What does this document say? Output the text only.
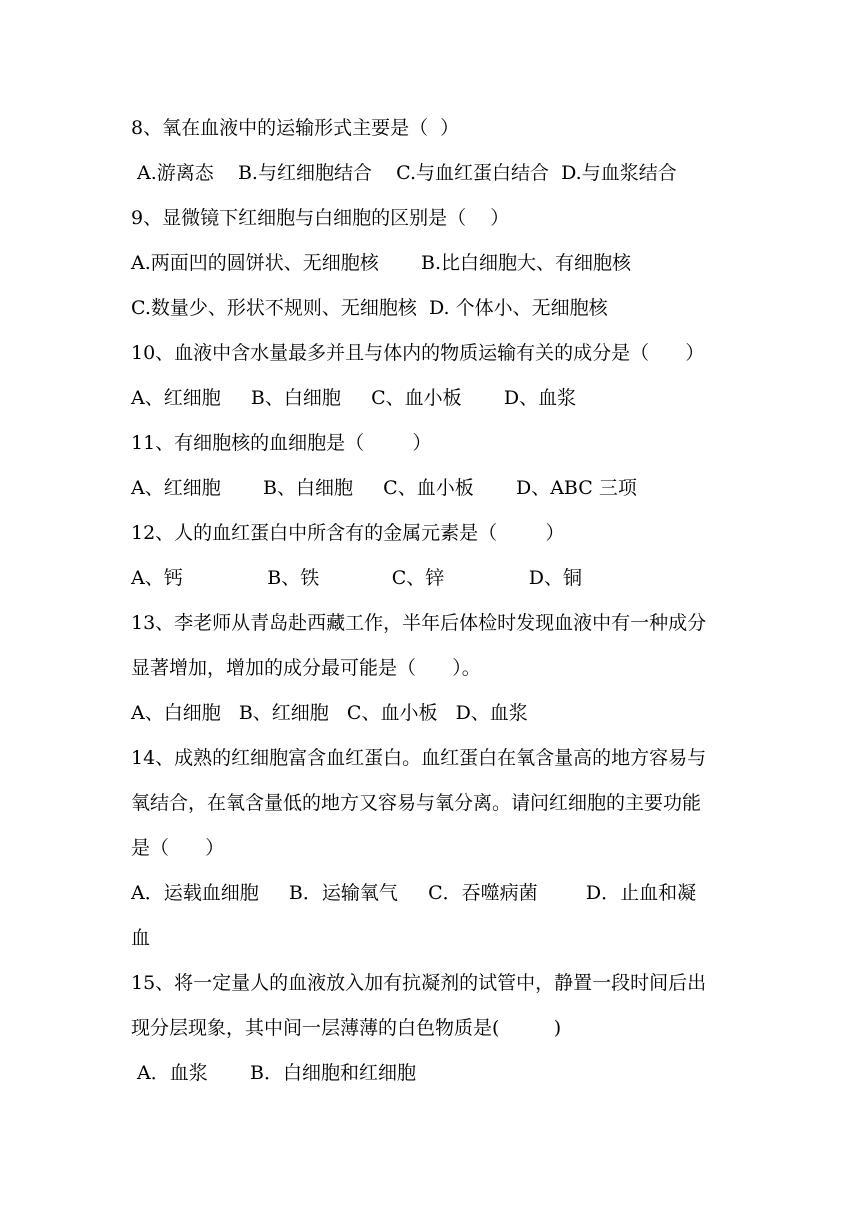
8、氧在血液中的运输形式主要是（  ）
A.游离态    B.与红细胞结合    C.与血红蛋白结合  D.与血浆结合
9、显微镜下红细胞与白细胞的区别是（    ）
A.两面凹的圆饼状、无细胞核       B.比白细胞大、有细胞核
C.数量少、形状不规则、无细胞核  D. 个体小、无细胞核
10、血液中含水量最多并且与体内的物质运输有关的成分是（      ）
A、红细胞     B、白细胞     C、血小板       D、血浆
11、有细胞核的血细胞是（        ）
A、红细胞       B、白细胞     C、血小板       D、ABC 三项
12、人的血红蛋白中所含有的金属元素是（        ）
A、钙              B、铁            C、锌              D、铜
13、李老师从青岛赴西藏工作，半年后体检时发现血液中有一种成分
显著增加，增加的成分最可能是（      ）。
A、白细胞   B、红细胞   C、血小板   D、血浆
14、成熟的红细胞富含血红蛋白。血红蛋白在氧含量高的地方容易与
氧结合，在氧含量低的地方又容易与氧分离。请问红细胞的主要功能
是（      ）
A．运载血细胞     B．运输氧气     C．吞噬病菌        D．止血和凝
血
15、将一定量人的血液放入加有抗凝剂的试管中，静置一段时间后出
现分层现象，其中间一层薄薄的白色物质是(         )
A．血浆       B．白细胞和红细胞
